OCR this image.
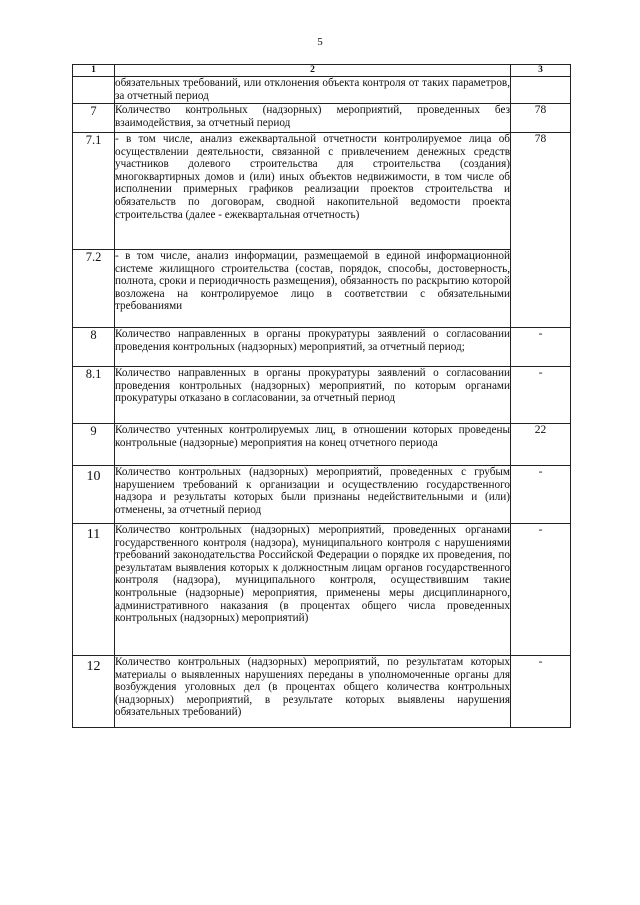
5
1	2	3
	обязательных требований, или отклонения объекта контроля от таких параметров, за отчетный период	
7	Количество контрольных (надзорных) мероприятий, проведенных без взаимодействия, за отчетный период	78
7.1	- в том числе, анализ ежеквартальной отчетности контролируемое лица об осуществлении деятельности, связанной с привлечением денежных средств участников долевого строительства для строительства (создания) многоквартирных домов и (или) иных объектов недвижимости, в том числе об исполнении примерных графиков реализации проектов строительства и обязательств по договорам, сводной накопительной ведомости проекта строительства (далее - ежеквартальная отчетность)	78
7.2	- в том числе, анализ информации, размещаемой в единой информационной системе жилищного строительства (состав, порядок, способы, достоверность, полнота, сроки и периодичность размещения), обязанность по раскрытию которой возложена на контролируемое лицо в соответствии с обязательными требованиями	
8	Количество направленных в органы прокуратуры заявлений о согласовании проведения контрольных (надзорных) мероприятий, за отчетный период;	-
8.1	Количество направленных в органы прокуратуры заявлений о согласовании проведения контрольных (надзорных) мероприятий, по которым органами прокуратуры отказано в согласовании, за отчетный период	-
9	Количество учтенных контролируемых лиц, в отношении которых проведены контрольные (надзорные) мероприятия на конец отчетного периода	22
10	Количество контрольных (надзорных) мероприятий, проведенных с грубым нарушением требований к организации и осуществлению государственного надзора и результаты которых были признаны недействительными и (или) отменены, за отчетный период	-
11	Количество контрольных (надзорных) мероприятий, проведенных органами государственного контроля (надзора), муниципального контроля с нарушениями требований законодательства Российской Федерации о порядке их проведения, по результатам выявления которых к должностным лицам органов государственного контроля (надзора), муниципального контроля, осуществившим такие контрольные (надзорные) мероприятия, применены меры дисциплинарного, административного наказания (в процентах общего числа проведенных контрольных (надзорных) мероприятий)	-
12	Количество контрольных (надзорных) мероприятий, по результатам которых материалы о выявленных нарушениях переданы в уполномоченные органы для возбуждения уголовных дел (в процентах общего количества контрольных (надзорных) мероприятий, в результате которых выявлены нарушения обязательных требований)	-
